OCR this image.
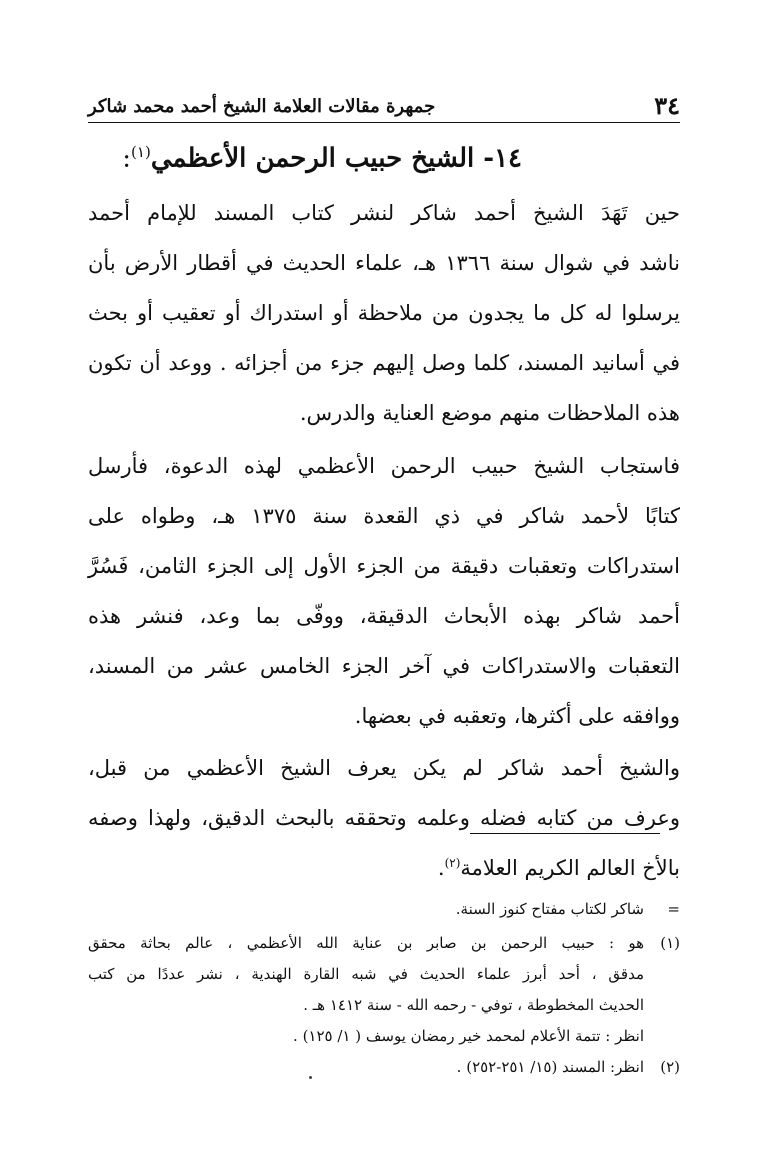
٣٤
جمهرة مقالات العلامة الشيخ أحمد محمد شاكر
١٤- الشيخ حبيب الرحمن الأعظمي$^{(١)}$:
حين تَهَدَ الشيخ أحمد شاكر لنشر كتاب المسند للإمام أحمد
ناشد في شوال سنة ١٣٦٦ هـ، علماء الحديث في أقطار الأرض بأن
يرسلوا له كل ما يجدون من ملاحظة أو استدراك أو تعقيب أو بحث
في أسانيد المسند، كلما وصل إليهم جزء من أجزائه . ووعد أن تكون
هذه الملاحظات منهم موضع العناية والدرس.
فاستجاب الشيخ حبيب الرحمن الأعظمي لهذه الدعوة، فأرسل
كتابًا لأحمد شاكر في ذي القعدة سنة ١٣٧٥ هـ، وطواه على
استدراكات وتعقبات دقيقة من الجزء الأول إلى الجزء الثامن، فَسُرَّ
أحمد شاكر بهذه الأبحاث الدقيقة، ووفّى بما وعد، فنشر هذه
التعقبات والاستدراكات في آخر الجزء الخامس عشر من المسند،
ووافقه على أكثرها، وتعقبه في بعضها.
والشيخ أحمد شاكر لم يكن يعرف الشيخ الأعظمي من قبل،
وعرف من كتابه فضله وعلمه وتحققه بالبحث الدقيق، ولهذا وصفه
بالأخ العالم الكريم العلامة$^{(٢)}$.
=
شاكر لكتاب مفتاح كنوز السنة.
(١)
هو : حبيب الرحمن بن صابر بن عناية الله الأعظمي ، عالم بحاثة محقق
مدقق ، أحد أبرز علماء الحديث في شبه القارة الهندية ، نشر عددًا من كتب
الحديث المخطوطة ، توفي - رحمه الله - سنة ١٤١٢ هـ .
انظر : تتمة الأعلام لمحمد خير رمضان يوسف ( ١/ ١٢٥) .
(٢)
انظر: المسند (١٥/ ٢٥١-٢٥٢) .
